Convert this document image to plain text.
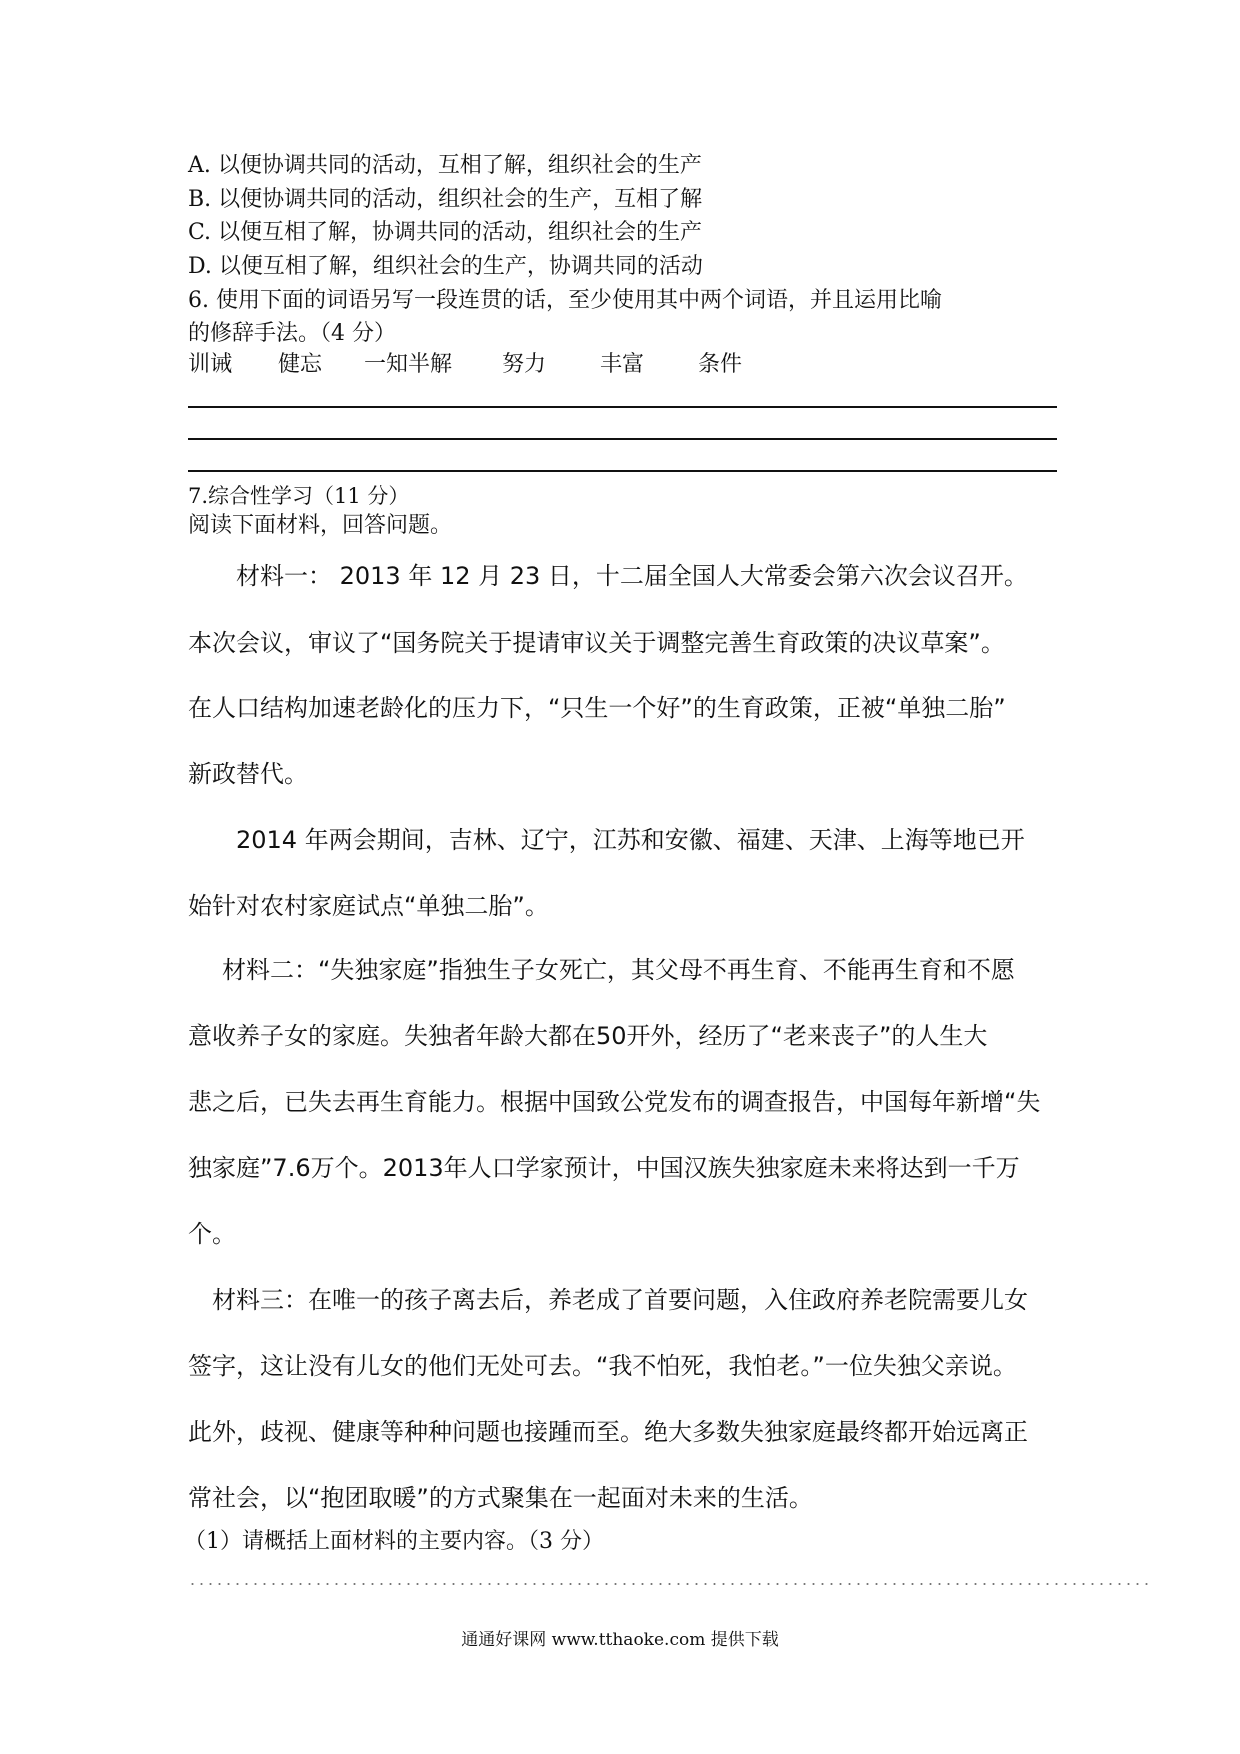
A. 以便协调共同的活动，互相了解，组织社会的生产
B. 以便协调共同的活动，组织社会的生产，互相了解
C. 以便互相了解，协调共同的活动，组织社会的生产
D. 以便互相了解，组织社会的生产，协调共同的活动
6. 使用下面的词语另写一段连贯的话，至少使用其中两个词语，并且运用比喻
的修辞手法。（4 分）
训诫 健忘 一知半解 努力 丰富 条件
7.综合性学习（11 分）
阅读下面材料，回答问题。
材料一： 2013 年 12 月 23 日，十二届全国人大常委会第六次会议召开。
本次会议，审议了“国务院关于提请审议关于调整完善生育政策的决议草案”。
在人口结构加速老龄化的压力下，“只生一个好”的生育政策，正被“单独二胎”
新政替代。
2014 年两会期间，吉林、辽宁，江苏和安徽、福建、天津、上海等地已开
始针对农村家庭试点“单独二胎”。
材料二：“失独家庭”指独生子女死亡，其父母不再生育、不能再生育和不愿
意收养子女的家庭。失独者年龄大都在50开外，经历了“老来丧子”的人生大
悲之后，已失去再生育能力。根据中国致公党发布的调查报告，中国每年新增“失
独家庭”7.6万个。2013年人口学家预计，中国汉族失独家庭未来将达到一千万
个。
材料三：在唯一的孩子离去后，养老成了首要问题，入住政府养老院需要儿女
签字，这让没有儿女的他们无处可去。“我不怕死，我怕老。”一位失独父亲说。
此外，歧视、健康等种种问题也接踵而至。绝大多数失独家庭最终都开始远离正
常社会，以“抱团取暖”的方式聚集在一起面对未来的生活。
（1）请概括上面材料的主要内容。（3 分）
通通好课网 www.tthaoke.com 提供下载
